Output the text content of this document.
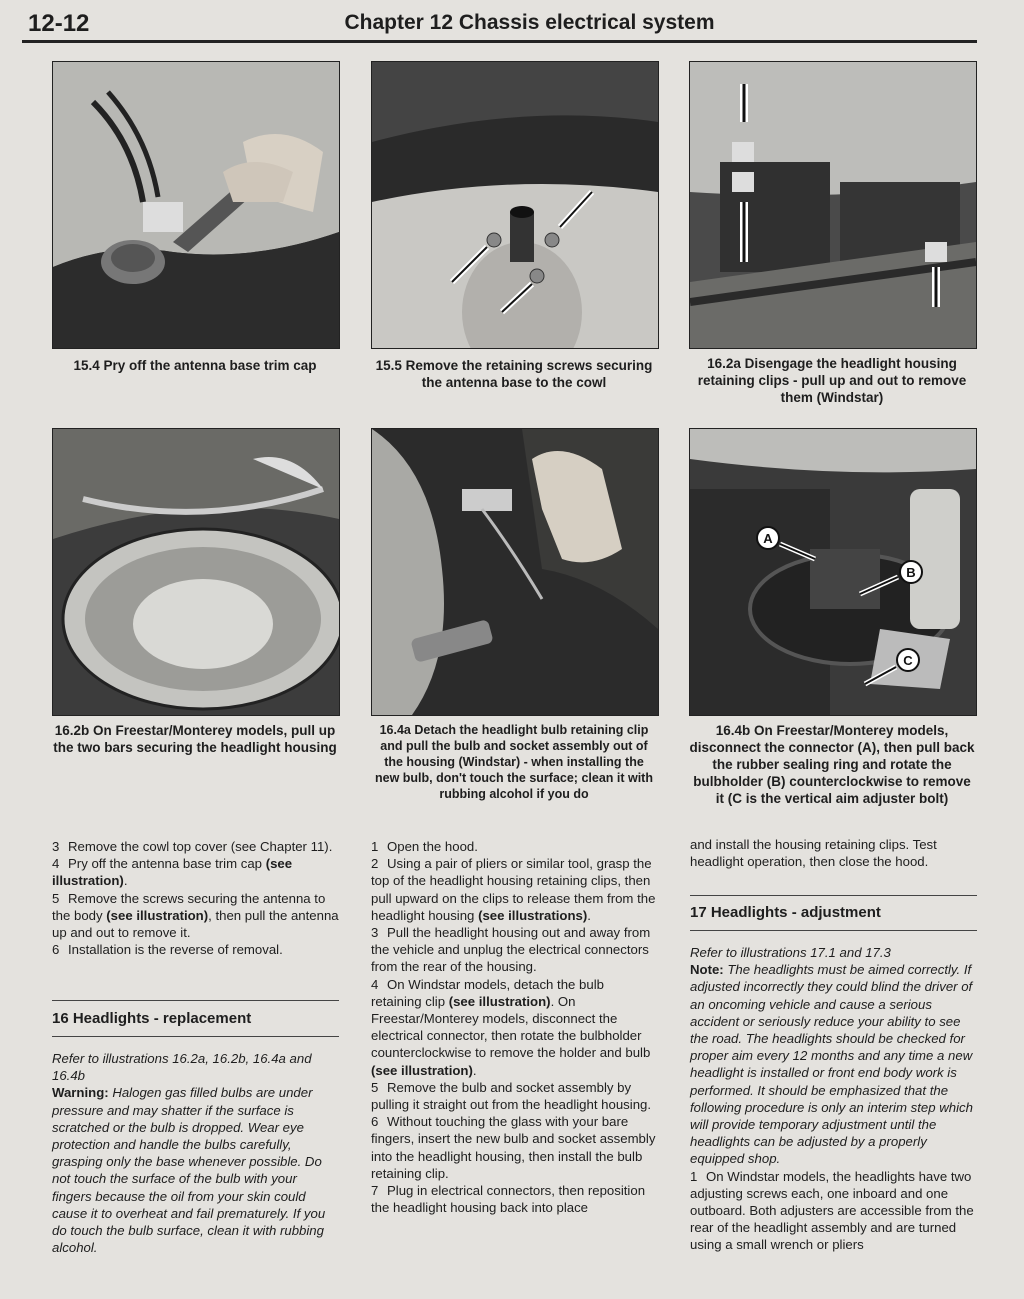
12-12	Chapter 12 Chassis electrical system
15.4 Pry off the antenna base trim cap	15.5 Remove the retaining screws securing the antenna base to the cowl
16.2a Disengage the headlight housing retaining clips - pull up and out to remove them (Windstar)
A
B
C
16.2b On Freestar/Monterey models, pull up the two bars securing the headlight housing
16.4a Detach the headlight bulb retaining clip and pull the bulb and socket assembly out of the housing (Windstar) - when installing the new bulb, don't touch the surface; clean it with rubbing alcohol if you do
16.4b On Freestar/Monterey models, disconnect the connector (A), then pull back the rubber sealing ring and rotate the bulbholder (B) counterclockwise to remove it (C is the vertical aim adjuster bolt)

3 Remove the cowl top cover (see Chapter 11).

4 Pry off the antenna base trim cap (see illustration).

5 Remove the screws securing the antenna to the body (see illustration), then pull the antenna up and out to remove it.

6 Installation is the reverse of removal.

16 Headlights - replacement

Refer to illustrations 16.2a, 16.2b, 16.4a and 16.4b

Warning: Halogen gas filled bulbs are under pressure and may shatter if the surface is scratched or the bulb is dropped. Wear eye protection and handle the bulbs carefully, grasping only the base whenever possible. Do not touch the surface of the bulb with your fingers because the oil from your skin could cause it to overheat and fail prematurely. If you do touch the bulb surface, clean it with rubbing alcohol.

1 Open the hood.

2 Using a pair of pliers or similar tool, grasp the top of the headlight housing retaining clips, then pull upward on the clips to release them from the headlight housing (see illustrations).

3 Pull the headlight housing out and away from the vehicle and unplug the electrical connectors from the rear of the housing.

4 On Windstar models, detach the bulb retaining clip (see illustration). On Freestar/Monterey models, disconnect the electrical connector, then rotate the bulbholder counterclockwise to remove the holder and bulb (see illustration).

5 Remove the bulb and socket assembly by pulling it straight out from the headlight housing.

6 Without touching the glass with your bare fingers, insert the new bulb and socket assembly into the headlight housing, then install the bulb retaining clip.

7 Plug in electrical connectors, then reposition the headlight housing back into place

and install the housing retaining clips. Test headlight operation, then close the hood.

17 Headlights - adjustment

Refer to illustrations 17.1 and 17.3

Note: The headlights must be aimed correctly. If adjusted incorrectly they could blind the driver of an oncoming vehicle and cause a serious accident or seriously reduce your ability to see the road. The headlights should be checked for proper aim every 12 months and any time a new headlight is installed or front end body work is performed. It should be emphasized that the following procedure is only an interim step which will provide temporary adjustment until the headlights can be adjusted by a properly equipped shop.

1 On Windstar models, the headlights have two adjusting screws each, one inboard and one outboard. Both adjusters are accessible from the rear of the headlight assembly and are turned using a small wrench or pliers
